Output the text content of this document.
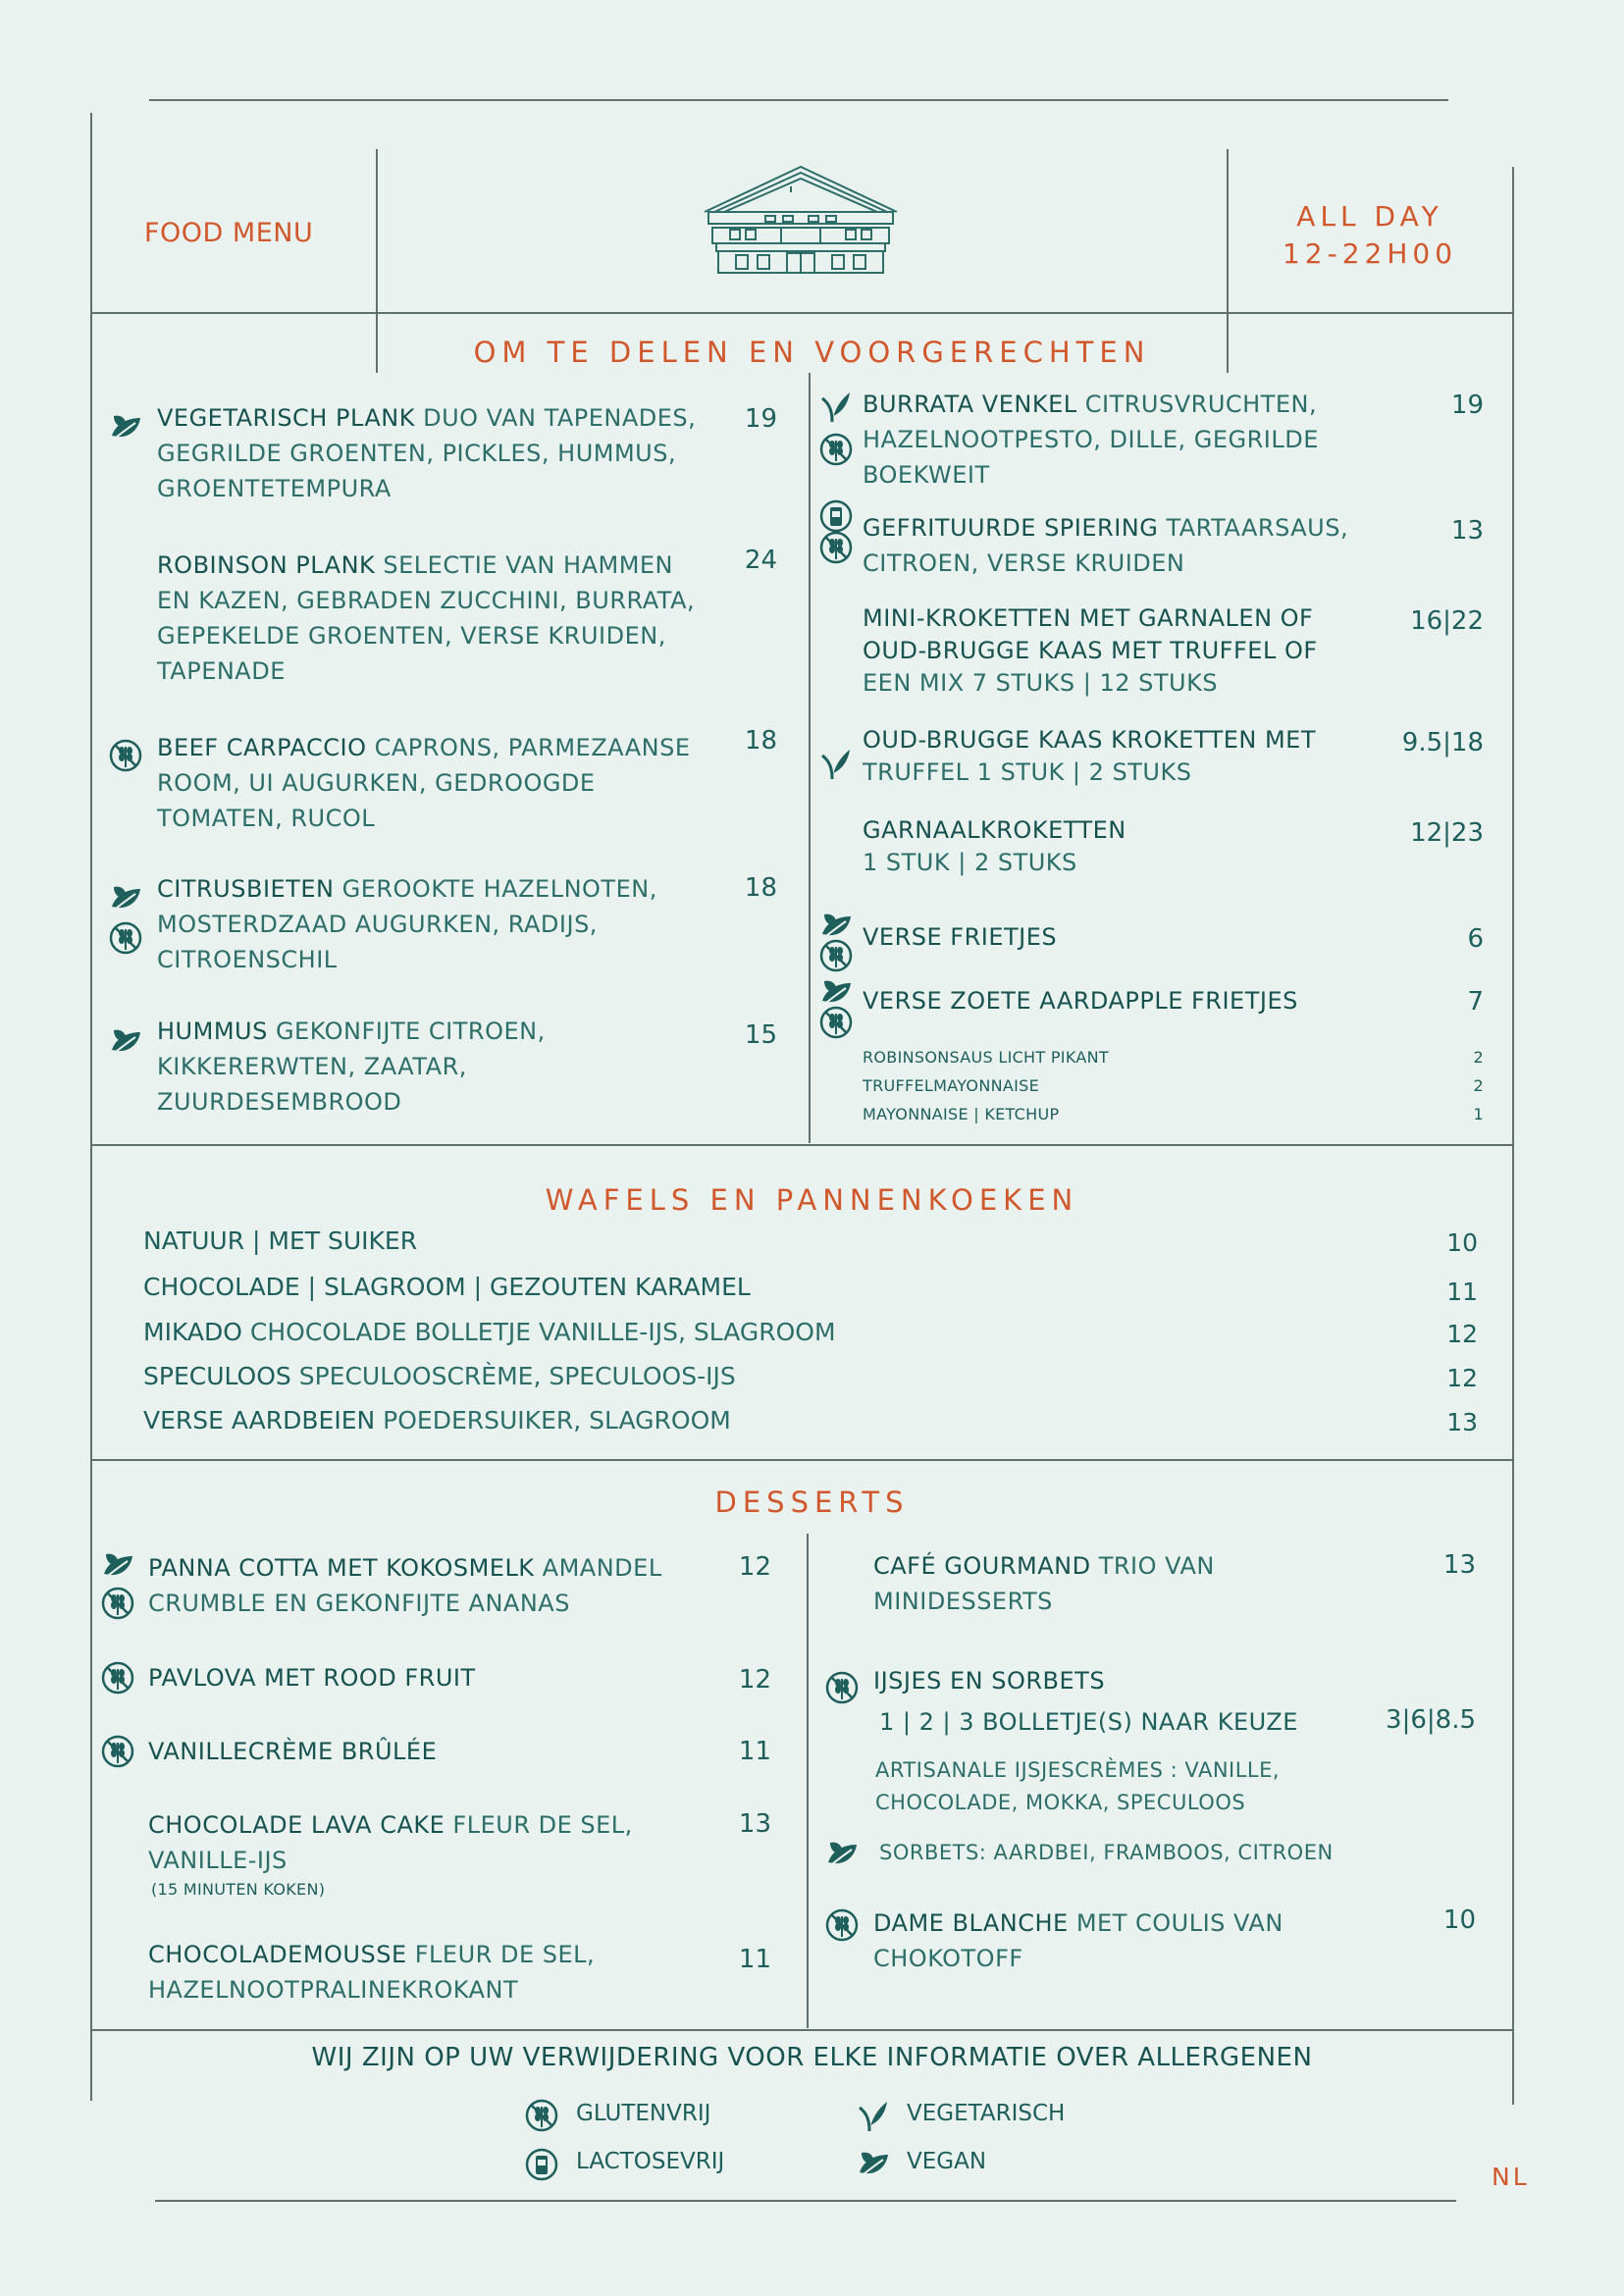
FOOD MENU
ALL DAY
12-22H00
OM TE DELEN EN VOORGERECHTEN
WAFELS EN PANNENKOEKEN
DESSERTS
VEGETARISCH PLANK DUO VAN TAPENADES, GEGRILDE GROENTEN, PICKLES, HUMMUS, GROENTETEMPURA
19
ROBINSON PLANK SELECTIE VAN HAMMEN EN KAZEN, GEBRADEN ZUCCHINI, BURRATA, GEPEKELDE GROENTEN, VERSE KRUIDEN, TAPENADE
24
BEEF CARPACCIO CAPRONS, PARMEZAANSE ROOM, UI AUGURKEN, GEDROOGDE TOMATEN, RUCOL
18
CITRUSBIETEN GEROOKTE HAZELNOTEN, MOSTERDZAAD AUGURKEN, RADIJS, CITROENSCHIL
18
HUMMUS GEKONFIJTE CITROEN, KIKKERERWTEN, ZAATAR, ZUURDESEMBROOD
15
BURRATA VENKEL CITRUSVRUCHTEN, HAZELNOOTPESTO, DILLE, GEGRILDE BOEKWEIT
19
GEFRITUURDE SPIERING TARTAARSAUS, CITROEN, VERSE KRUIDEN
13
MINI-KROKETTEN MET GARNALEN OF OUD-BRUGGE KAAS MET TRUFFEL OF EEN MIX 7 STUKS | 12 STUKS
16|22
OUD-BRUGGE KAAS KROKETTEN MET TRUFFEL 1 STUK | 2 STUKS
9.5|18
GARNAALKROKETTEN
1 STUK | 2 STUKS
12|23
VERSE FRIETJES	6
VERSE ZOETE AARDAPPLE FRIETJES	7
ROBINSONSAUS LICHT PIKANT	2
TRUFFELMAYONNAISE	2
MAYONNAISE | KETCHUP	1
NATUUR | MET SUIKER	10
CHOCOLADE | SLAGROOM | GEZOUTEN KARAMEL	11
MIKADO CHOCOLADE BOLLETJE VANILLE-IJS, SLAGROOM	12
SPECULOOS SPECULOOSCRÈME, SPECULOOS-IJS	12
VERSE AARDBEIEN POEDERSUIKER, SLAGROOM	13
PANNA COTTA MET KOKOSMELK AMANDEL CRUMBLE EN GEKONFIJTE ANANAS
12
PAVLOVA MET ROOD FRUIT	12
VANILLECRÈME BRÛLÉE	11
CHOCOLADE LAVA CAKE FLEUR DE SEL, VANILLE-IJS
(15 MINUTEN KOKEN)
13
CHOCOLADEMOUSSE FLEUR DE SEL, HAZELNOOTPRALINEKROKANT
11
CAFÉ GOURMAND TRIO VAN MINIDESSERTS
13
IJSJES EN SORBETS
1 | 2 | 3 BOLLETJE(S) NAAR KEUZE	3|6|8.5
ARTISANALE IJSJESCRÈMES : VANILLE, CHOCOLADE, MOKKA, SPECULOOS
SORBETS: AARDBEI, FRAMBOOS, CITROEN
DAME BLANCHE MET COULIS VAN CHOKOTOFF
10
WIJ ZIJN OP UW VERWIJDERING VOOR ELKE INFORMATIE OVER ALLERGENEN
GLUTENVRIJ
LACTOSEVRIJ
VEGETARISCH
VEGAN
NL
